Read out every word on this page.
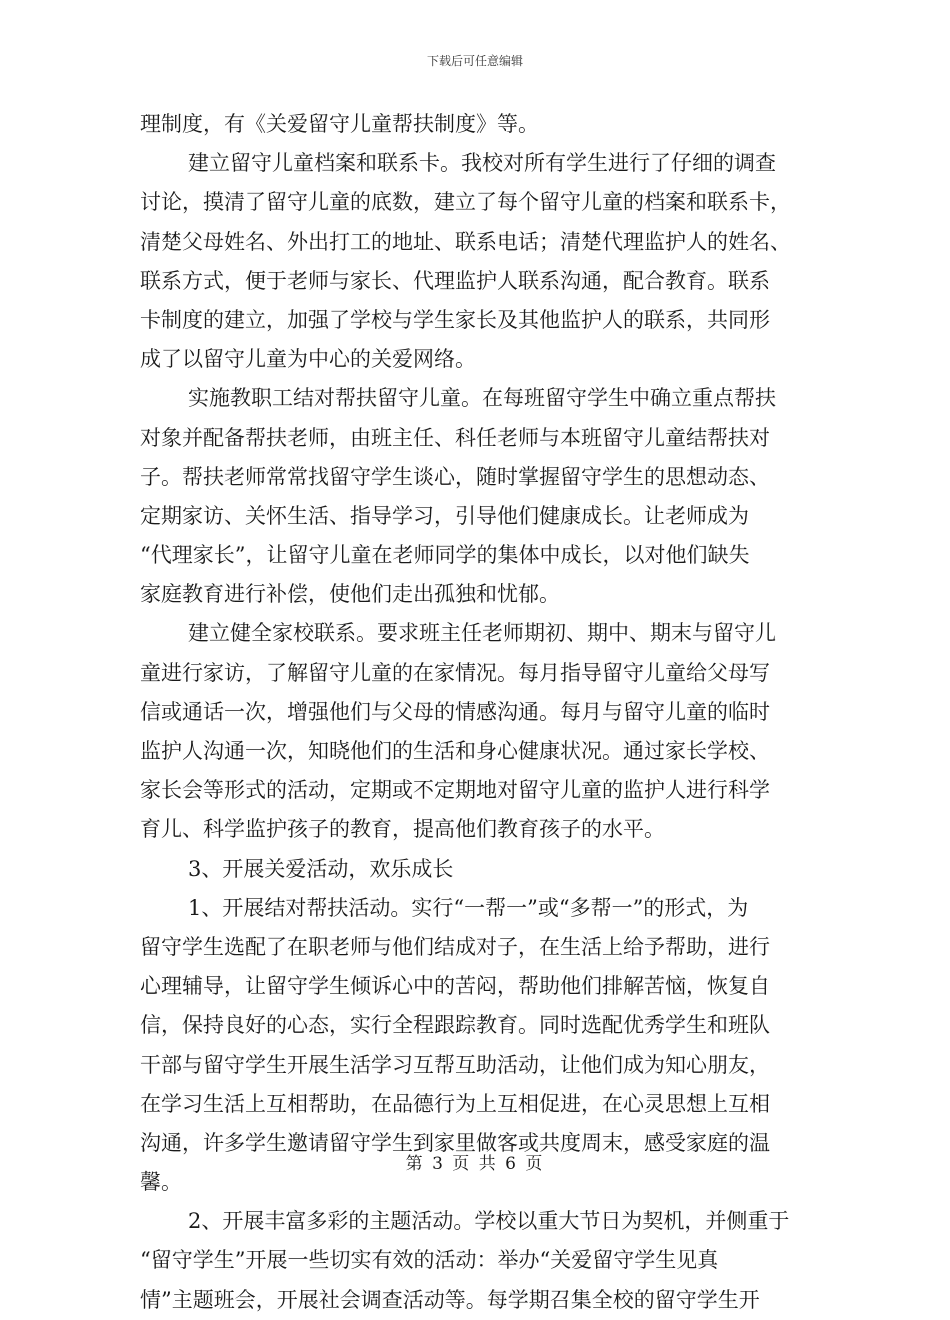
下载后可任意编辑
理制度，有《关爱留守儿童帮扶制度》等。
建立留守儿童档案和联系卡。我校对所有学生进行了仔细的调查
讨论，摸清了留守儿童的底数，建立了每个留守儿童的档案和联系卡，
清楚父母姓名、外出打工的地址、联系电话；清楚代理监护人的姓名、
联系方式，便于老师与家长、代理监护人联系沟通，配合教育。联系
卡制度的建立，加强了学校与学生家长及其他监护人的联系，共同形
成了以留守儿童为中心的关爱网络。
实施教职工结对帮扶留守儿童。在每班留守学生中确立重点帮扶
对象并配备帮扶老师，由班主任、科任老师与本班留守儿童结帮扶对
子。帮扶老师常常找留守学生谈心，随时掌握留守学生的思想动态、
定期家访、关怀生活、指导学习，引导他们健康成长。让老师成为
“代理家长”，让留守儿童在老师同学的集体中成长，以对他们缺失
家庭教育进行补偿，使他们走出孤独和忧郁。
建立健全家校联系。要求班主任老师期初、期中、期末与留守儿
童进行家访，了解留守儿童的在家情况。每月指导留守儿童给父母写
信或通话一次，增强他们与父母的情感沟通。每月与留守儿童的临时
监护人沟通一次，知晓他们的生活和身心健康状况。通过家长学校、
家长会等形式的活动，定期或不定期地对留守儿童的监护人进行科学
育儿、科学监护孩子的教育，提高他们教育孩子的水平。
3、开展关爱活动，欢乐成长
1、开展结对帮扶活动。实行“一帮一”或“多帮一”的形式，为
留守学生选配了在职老师与他们结成对子，在生活上给予帮助，进行
心理辅导，让留守学生倾诉心中的苦闷，帮助他们排解苦恼，恢复自
信，保持良好的心态，实行全程跟踪教育。同时选配优秀学生和班队
干部与留守学生开展生活学习互帮互助活动，让他们成为知心朋友，
在学习生活上互相帮助，在品德行为上互相促进，在心灵思想上互相
沟通，许多学生邀请留守学生到家里做客或共度周末，感受家庭的温
馨。
2、开展丰富多彩的主题活动。学校以重大节日为契机，并侧重于
“留守学生”开展一些切实有效的活动：举办“关爱留守学生见真
情”主题班会，开展社会调查活动等。每学期召集全校的留守学生开
第 3 页 共 6 页
